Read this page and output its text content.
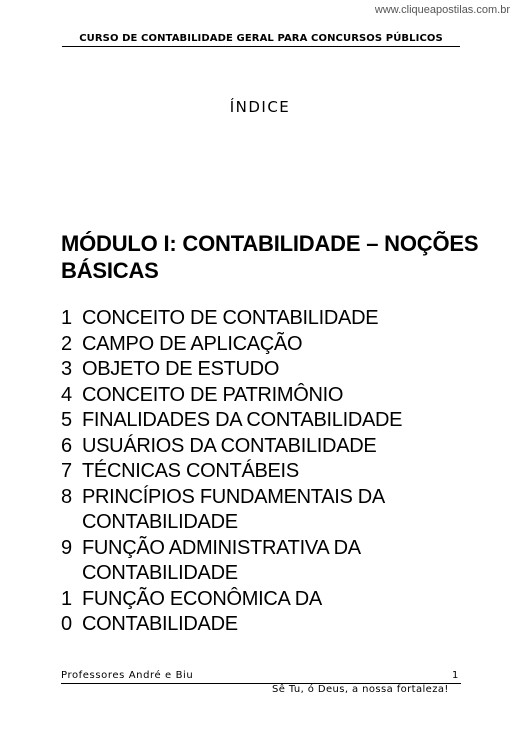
www.cliqueapostilas.com.br
CURSO DE CONTABILIDADE GERAL PARA CONCURSOS PÚBLICOS
ÍNDICE
MÓDULO I: CONTABILIDADE – NOÇÕES BÁSICAS
1 CONCEITO DE CONTABILIDADE
2 CAMPO DE APLICAÇÃO
3 OBJETO DE ESTUDO
4 CONCEITO DE PATRIMÔNIO
5 FINALIDADES DA CONTABILIDADE
6 USUÁRIOS DA CONTABILIDADE
7 TÉCNICAS CONTÁBEIS
8 PRINCÍPIOS FUNDAMENTAIS DA
CONTABILIDADE
9 FUNÇÃO ADMINISTRATIVA DA
CONTABILIDADE
1
0
FUNÇÃO ECONÔMICA DA
CONTABILIDADE
Professores André e Biu	1
Sê Tu, ó Deus, a nossa fortaleza!
